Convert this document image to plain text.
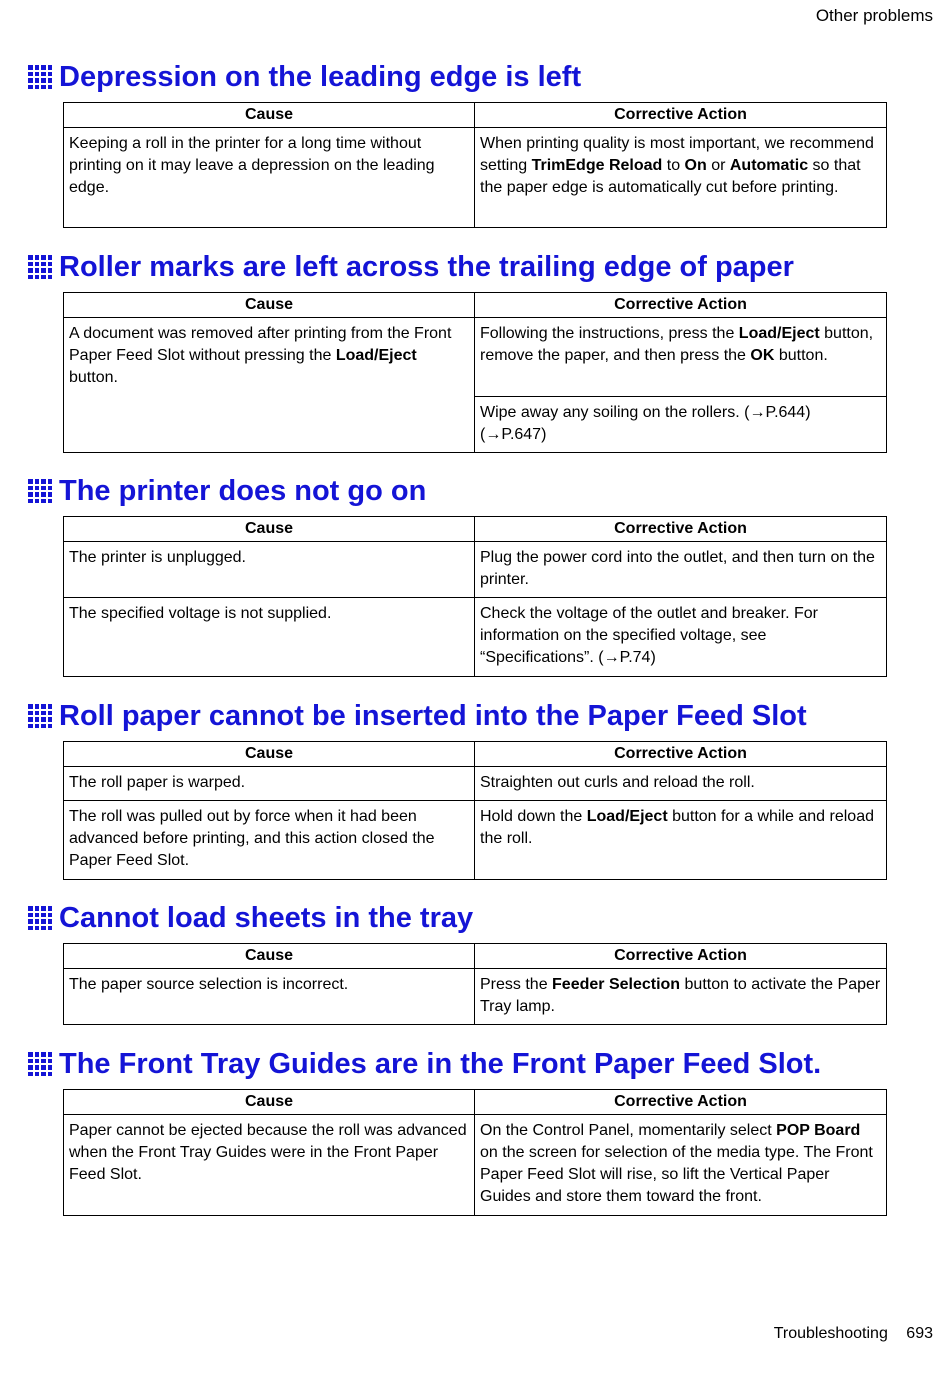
Other problems
Depression on the leading edge is left
Cause	Corrective Action
Keeping a roll in the printer for a long time without printing on it may leave a depression on the leading edge.	When printing quality is most important, we recommend setting TrimEdge Reload to On or Automatic so that the paper edge is automatically cut before printing.
Roller marks are left across the trailing edge of paper
Cause	Corrective Action
A document was removed after printing from the Front Paper Feed Slot without pressing the Load/Eject button.	Following the instructions, press the Load/Eject button, remove the paper, and then press the OK button.
	Wipe away any soiling on the rollers. (→P.644) (→P.647)
The printer does not go on
Cause	Corrective Action
The printer is unplugged.	Plug the power cord into the outlet, and then turn on the printer.
The specified voltage is not supplied.	Check the voltage of the outlet and breaker. For information on the specified voltage, see “Specifications”. (→P.74)
Roll paper cannot be inserted into the Paper Feed Slot
Cause	Corrective Action
The roll paper is warped.	Straighten out curls and reload the roll.
The roll was pulled out by force when it had been advanced before printing, and this action closed the Paper Feed Slot.	Hold down the Load/Eject button for a while and reload the roll.
Cannot load sheets in the tray
Cause	Corrective Action
The paper source selection is incorrect.	Press the Feeder Selection button to activate the Paper Tray lamp.
The Front Tray Guides are in the Front Paper Feed Slot.
Cause	Corrective Action
Paper cannot be ejected because the roll was advanced when the Front Tray Guides were in the Front Paper Feed Slot.	On the Control Panel, momentarily select POP Board on the screen for selection of the media type. The Front Paper Feed Slot will rise, so lift the Vertical Paper Guides and store them toward the front.
Troubleshooting 693
